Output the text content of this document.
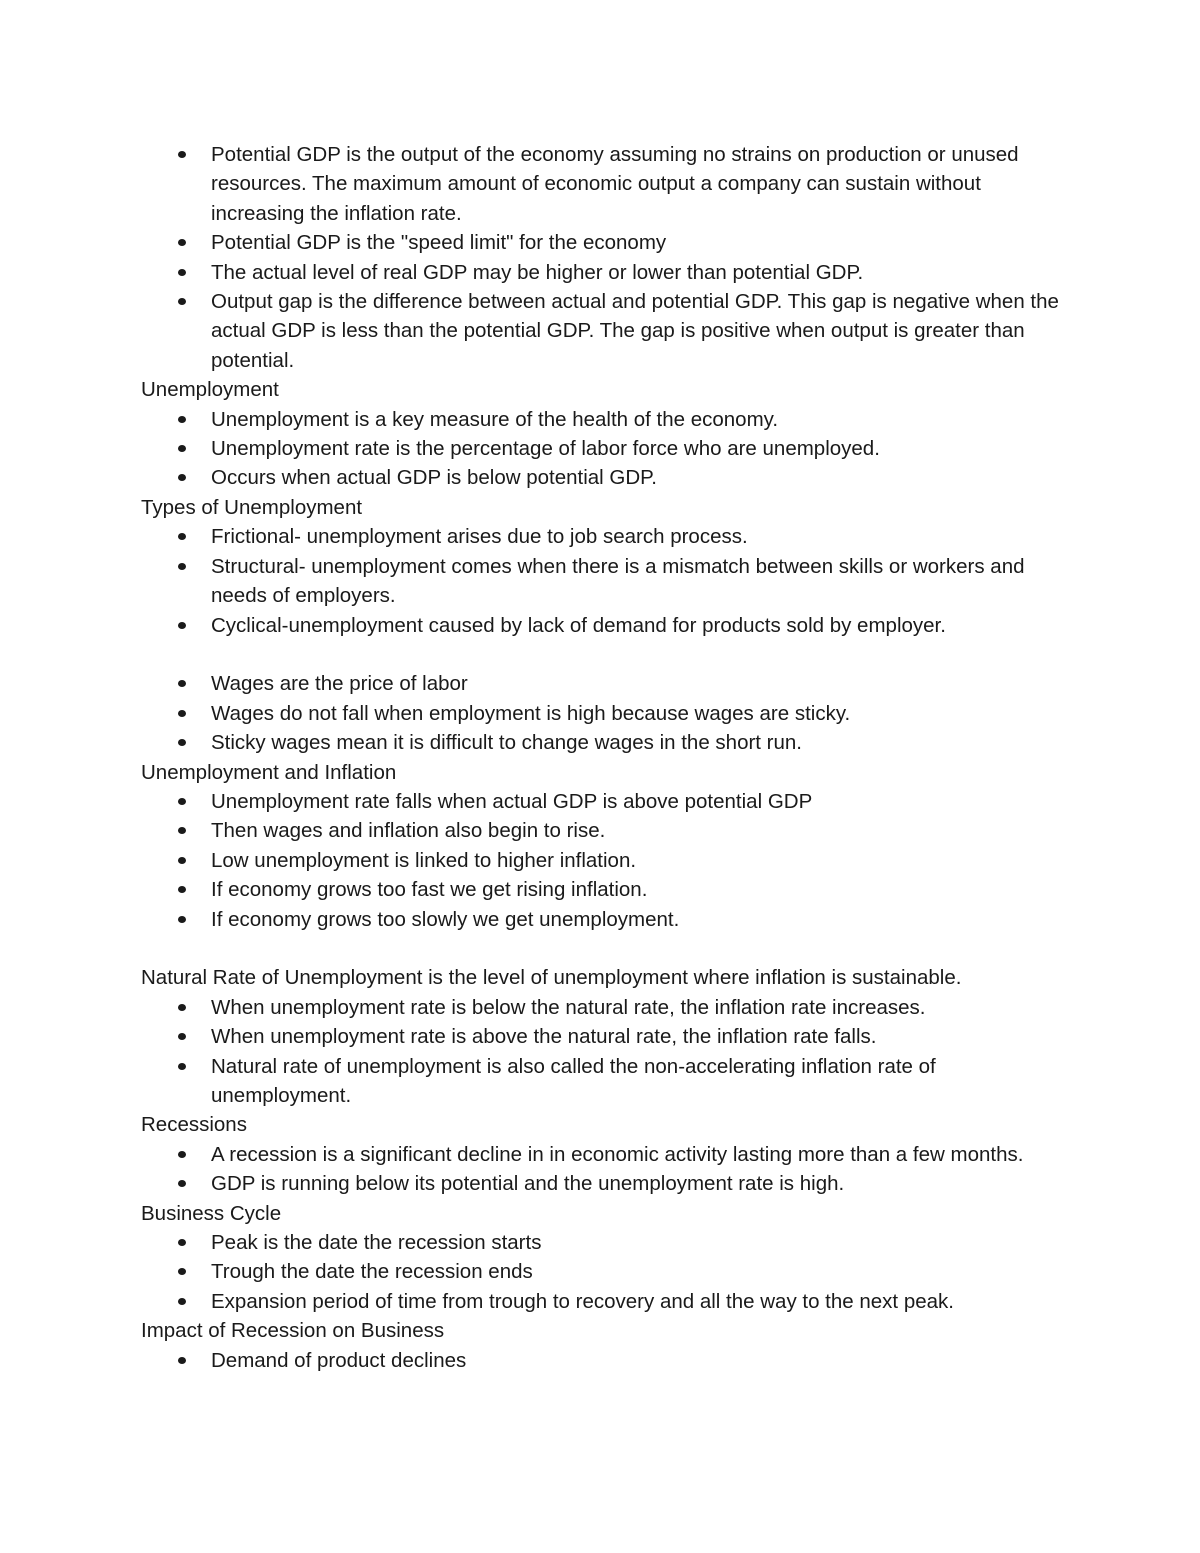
Potential GDP is the output of the economy assuming no strains on production or unused resources. The maximum amount of economic output a company can sustain without increasing the inflation rate.
Potential GDP is the "speed limit" for the economy
The actual level of real GDP may be higher or lower than potential GDP.
Output gap is the difference between actual and potential GDP. This gap is negative when the actual GDP is less than the potential GDP. The gap is positive when output is greater than potential.

Unemployment

Unemployment is a key measure of the health of the economy.
Unemployment rate is the percentage of labor force who are unemployed.
Occurs when actual GDP is below potential GDP.

Types of Unemployment

Frictional- unemployment arises due to job search process.
Structural- unemployment comes when there is a mismatch between skills or workers and needs of employers.
Cyclical-unemployment caused by lack of demand for products sold by employer.
Wages are the price of labor
Wages do not fall when employment is high because wages are sticky.
Sticky wages mean it is difficult to change wages in the short run.

Unemployment and Inflation

Unemployment rate falls when actual GDP is above potential GDP
Then wages and inflation also begin to rise.
Low unemployment is linked to higher inflation.
If economy grows too fast we get rising inflation.
If economy grows too slowly we get unemployment.

Natural Rate of Unemployment is the level of unemployment where inflation is sustainable.

When unemployment rate is below the natural rate, the inflation rate increases.
When unemployment rate is above the natural rate, the inflation rate falls.
Natural rate of unemployment is also called the non-accelerating inflation rate of unemployment.

Recessions

A recession is a significant decline in in economic activity lasting more than a few months.
GDP is running below its potential and the unemployment rate is high.

Business Cycle

Peak is the date the recession starts
Trough the date the recession ends
Expansion period of time from trough to recovery and all the way to the next peak.

Impact of Recession on Business

Demand of product declines
